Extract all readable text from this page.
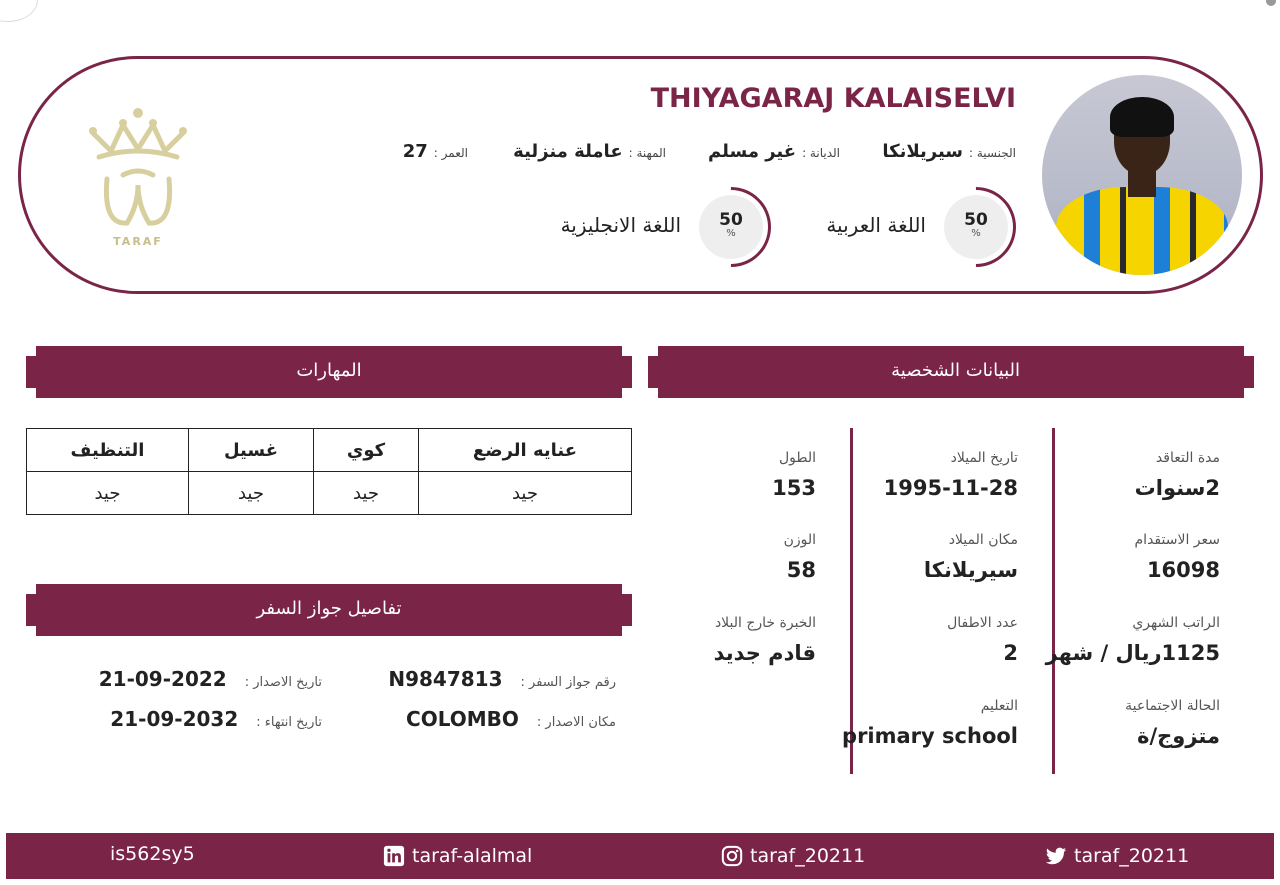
THIYAGARAJ KALAISELVI
الجنسية :سيريلانكا
الديانة :غير مسلم
المهنة :عاملة منزلية
العمر :27
50
%
اللغة العربية
50
%
اللغة الانجليزية
TARAF
البيانات الشخصية
مدة التعاقد
2سنوات
سعر الاستقدام
16098
الراتب الشهري
1125ريال / شهر
الحالة الاجتماعية
متزوج/ة
تاريخ الميلاد
1995-11-28
مكان الميلاد
سيريلانكا
عدد الاطفال
2
التعليم
primary school
الطول
153
الوزن
58
الخبرة خارج البلاد
قادم جديد
المهارات
عنايه الرضع	كوي	غسيل	التنظيف
جيد	جيد	جيد	جيد
تفاصيل جواز السفر
رقم جواز السفر :N9847813
تاريخ الاصدار :2022-09-21
مكان الاصدار :COLOMBO
تاريخ انتهاء :2032-09-21
is562sy5	taraf-alalmal	taraf_20211	taraf_20211
